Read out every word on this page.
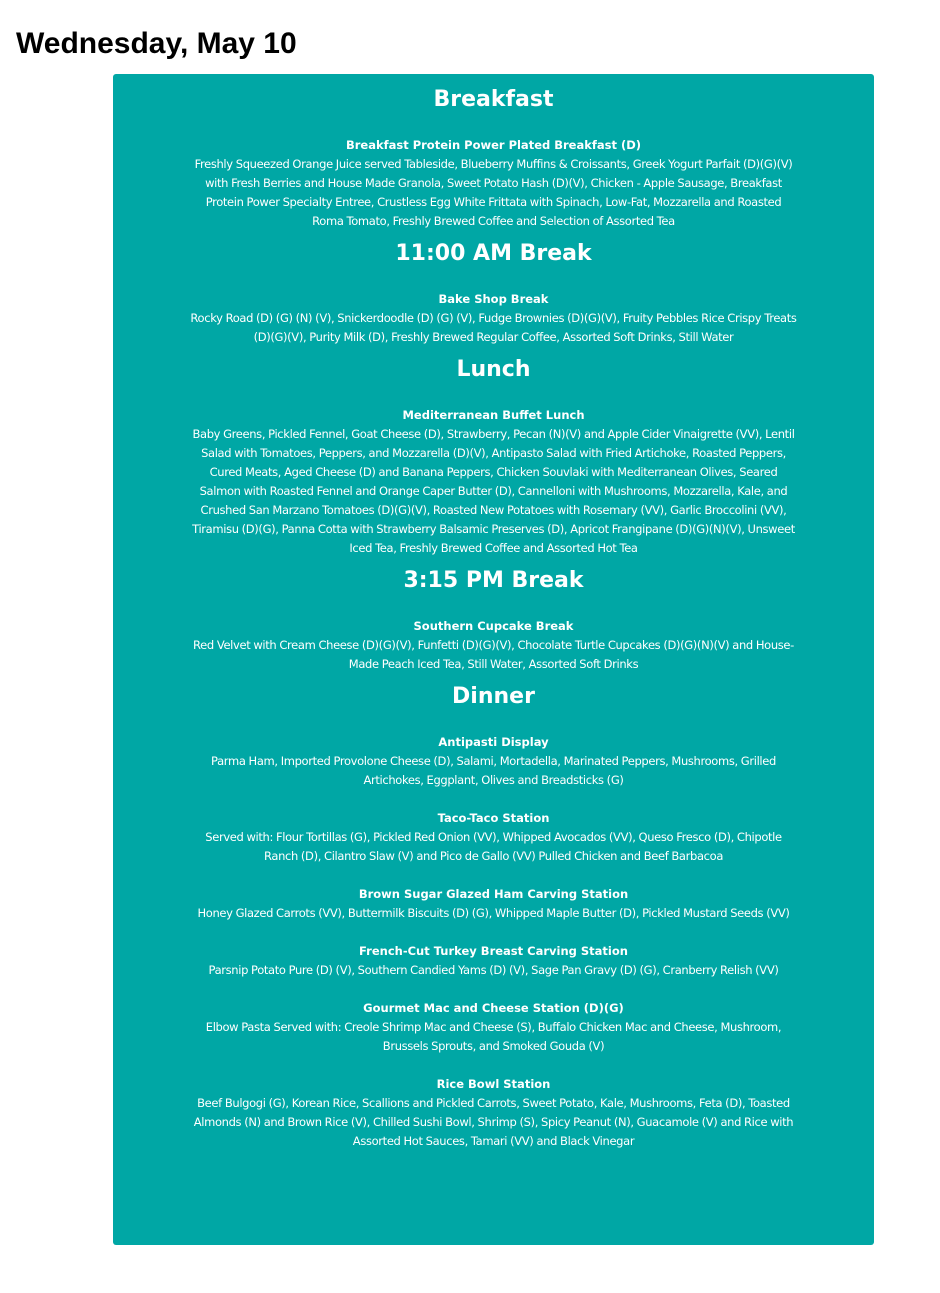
Wednesday, May 10
Breakfast
Breakfast Protein Power Plated Breakfast (D)
Freshly Squeezed Orange Juice served Tableside, Blueberry Muffins & Croissants, Greek Yogurt Parfait (D)(G)(V) with Fresh Berries and House Made Granola, Sweet Potato Hash (D)(V), Chicken - Apple Sausage, Breakfast Protein Power Specialty Entree, Crustless Egg White Frittata with Spinach, Low-Fat, Mozzarella and Roasted Roma Tomato, Freshly Brewed Coffee and Selection of Assorted Tea
11:00 AM Break
Bake Shop Break
Rocky Road (D) (G) (N) (V), Snickerdoodle (D) (G) (V), Fudge Brownies (D)(G)(V), Fruity Pebbles Rice Crispy Treats (D)(G)(V), Purity Milk (D), Freshly Brewed Regular Coffee, Assorted Soft Drinks, Still Water
Lunch
Mediterranean Buffet Lunch
Baby Greens, Pickled Fennel, Goat Cheese (D), Strawberry, Pecan (N)(V) and Apple Cider Vinaigrette (VV), Lentil Salad with Tomatoes, Peppers, and Mozzarella (D)(V), Antipasto Salad with Fried Artichoke, Roasted Peppers, Cured Meats, Aged Cheese (D) and Banana Peppers, Chicken Souvlaki with Mediterranean Olives, Seared Salmon with Roasted Fennel and Orange Caper Butter (D), Cannelloni with Mushrooms, Mozzarella, Kale, and Crushed San Marzano Tomatoes (D)(G)(V), Roasted New Potatoes with Rosemary (VV), Garlic Broccolini (VV), Tiramisu (D)(G), Panna Cotta with Strawberry Balsamic Preserves (D), Apricot Frangipane (D)(G)(N)(V), Unsweet Iced Tea, Freshly Brewed Coffee and Assorted Hot Tea
3:15 PM Break
Southern Cupcake Break
Red Velvet with Cream Cheese (D)(G)(V), Funfetti (D)(G)(V), Chocolate Turtle Cupcakes (D)(G)(N)(V) and House-Made Peach Iced Tea, Still Water, Assorted Soft Drinks
Dinner
Antipasti Display
Parma Ham, Imported Provolone Cheese (D), Salami, Mortadella, Marinated Peppers, Mushrooms, Grilled Artichokes, Eggplant, Olives and Breadsticks (G)
Taco-Taco Station
Served with: Flour Tortillas (G), Pickled Red Onion (VV), Whipped Avocados (VV), Queso Fresco (D), Chipotle Ranch (D), Cilantro Slaw (V) and Pico de Gallo (VV) Pulled Chicken and Beef Barbacoa
Brown Sugar Glazed Ham Carving Station
Honey Glazed Carrots (VV), Buttermilk Biscuits (D) (G), Whipped Maple Butter (D), Pickled Mustard Seeds (VV)
French-Cut Turkey Breast Carving Station
Parsnip Potato Pure (D) (V), Southern Candied Yams (D) (V), Sage Pan Gravy (D) (G), Cranberry Relish (VV)
Gourmet Mac and Cheese Station (D)(G)
Elbow Pasta Served with: Creole Shrimp Mac and Cheese (S), Buffalo Chicken Mac and Cheese, Mushroom, Brussels Sprouts, and Smoked Gouda (V)
Rice Bowl Station
Beef Bulgogi (G), Korean Rice, Scallions and Pickled Carrots, Sweet Potato, Kale, Mushrooms, Feta (D), Toasted Almonds (N) and Brown Rice (V), Chilled Sushi Bowl, Shrimp (S), Spicy Peanut (N), Guacamole (V) and Rice with Assorted Hot Sauces, Tamari (VV) and Black Vinegar
